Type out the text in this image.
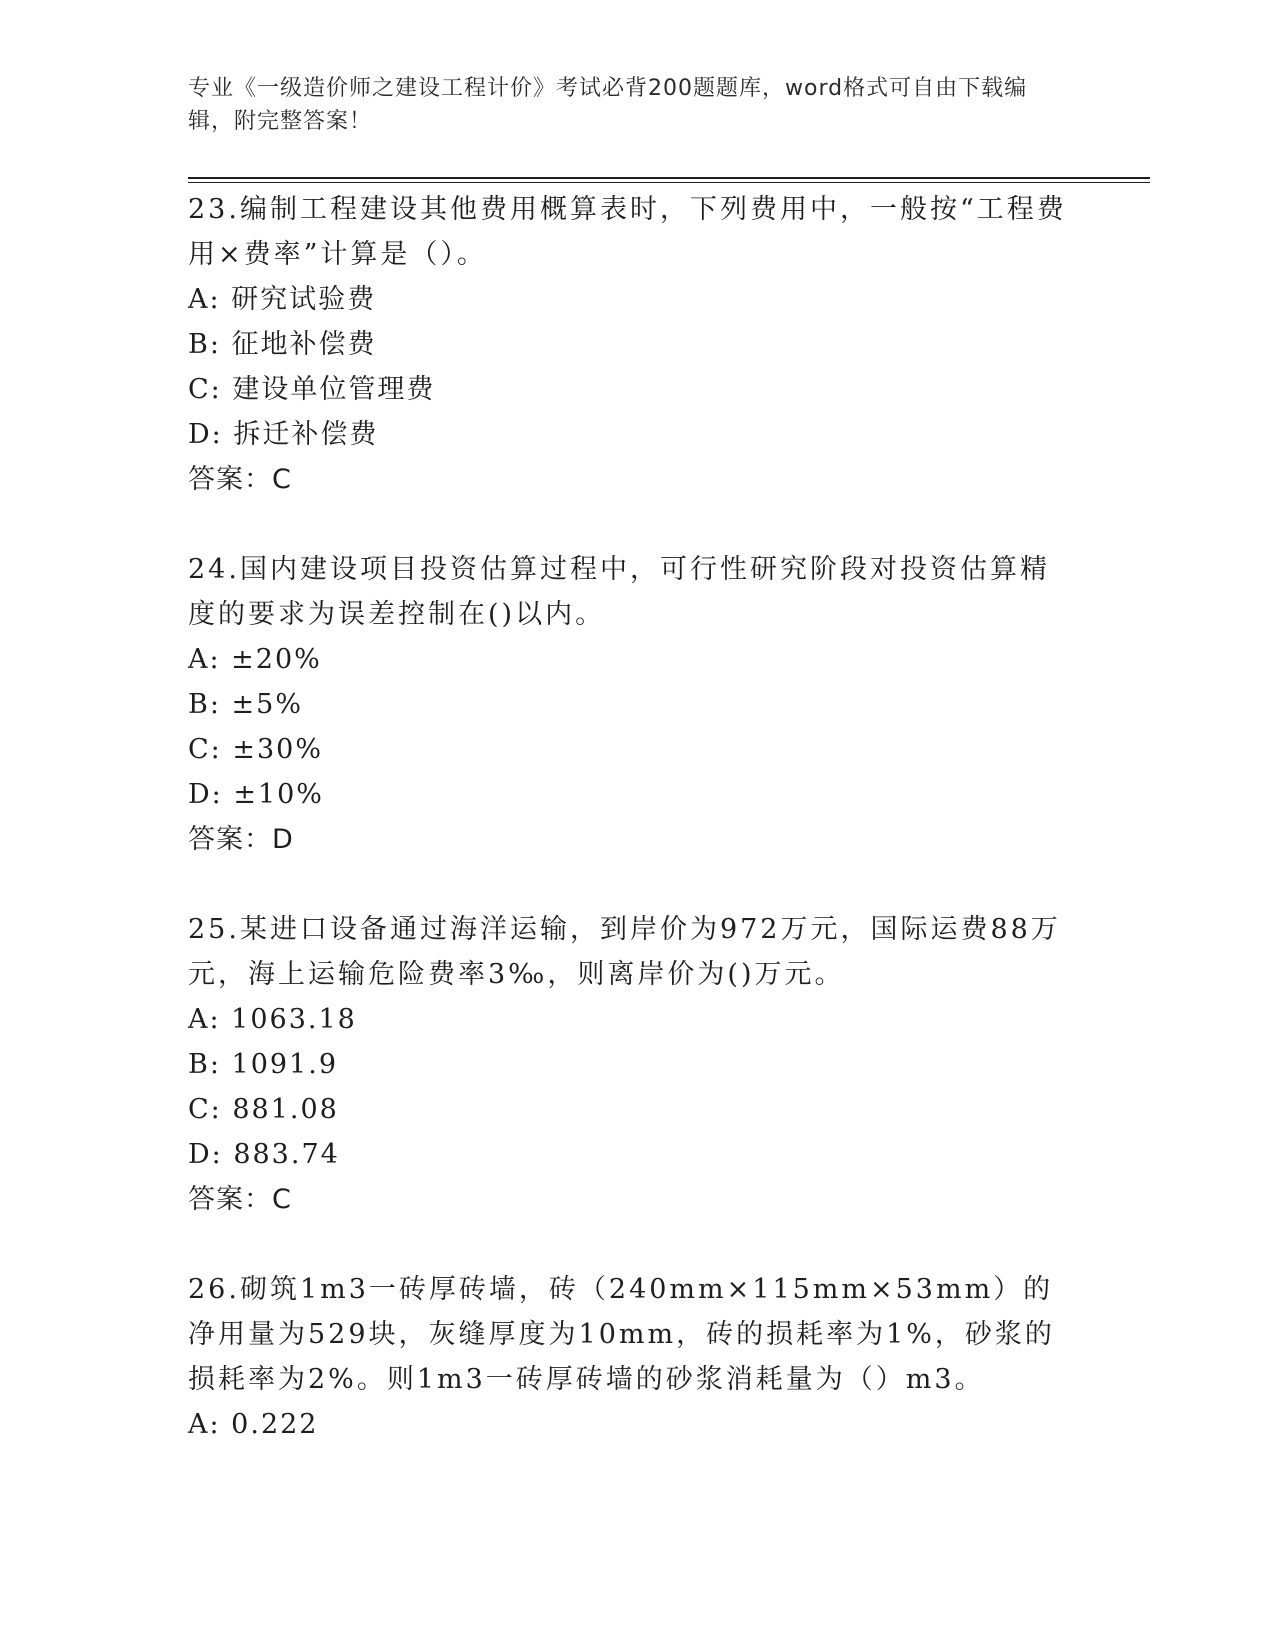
专业《一级造价师之建设工程计价》考试必背200题题库，word格式可自由下载编辑，附完整答案！

23.编制工程建设其他费用概算表时，下列费用中，一般按“工程费用×费率”计算是（）。

A: 研究试验费

B: 征地补偿费

C: 建设单位管理费

D: 拆迁补偿费

答案：C

24.国内建设项目投资估算过程中，可行性研究阶段对投资估算精度的要求为误差控制在()以内。

A: ±20%

B: ±5%

C: ±30%

D: ±10%

答案：D

25.某进口设备通过海洋运输，到岸价为972万元，国际运费88万元，海上运输危险费率3‰，则离岸价为()万元。

A: 1063.18

B: 1091.9

C: 881.08

D: 883.74

答案：C

26.砌筑1m3一砖厚砖墙，砖（240mm×115mm×53mm）的净用量为529块，灰缝厚度为10mm，砖的损耗率为1%，砂浆的损耗率为2%。则1m3一砖厚砖墙的砂浆消耗量为（）m3。

A: 0.222
